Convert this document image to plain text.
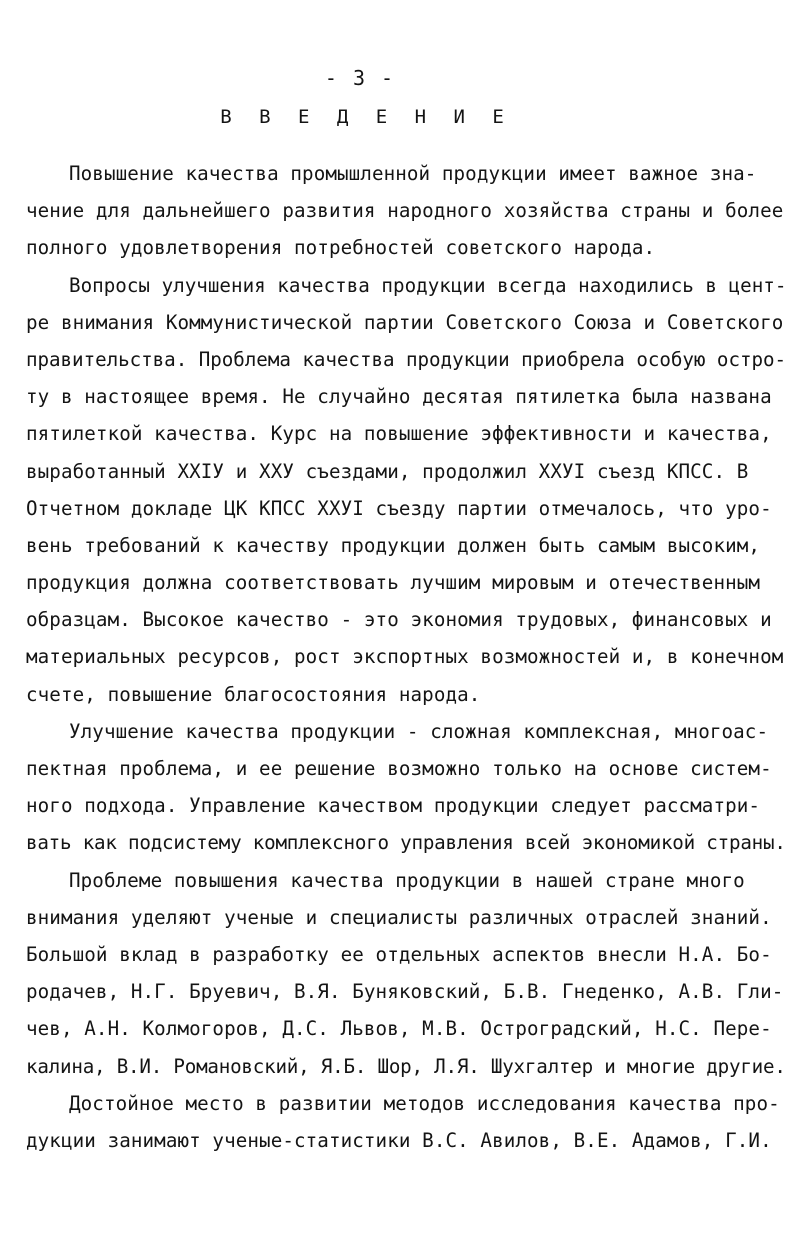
- 3 -
В В Е Д Е Н И Е
Повышение качества промышленной продукции имеет важное зна-
чение для дальнейшего развития народного хозяйства страны и более
полного удовлетворения потребностей советского народа.
Вопросы улучшения качества продукции всегда находились в цент-
ре внимания Коммунистической партии Советского Союза и Советского
правительства. Проблема качества продукции приобрела особую остро-
ту в настоящее время. Не случайно десятая пятилетка была названа
пятилеткой качества. Курс на повышение эффективности и качества,
выработанный XXIУ и XXУ съездами, продолжил XXУI съезд КПСС. В
Отчетном докладе ЦК КПСС XXУI съезду партии отмечалось, что уро-
вень требований к качеству продукции должен быть самым высоким,
продукция должна соответствовать лучшим мировым и отечественным
образцам. Высокое качество - это экономия трудовых, финансовых и
материальных ресурсов, рост экспортных возможностей и, в конечном
счете, повышение благосостояния народа.
Улучшение качества продукции - сложная комплексная, многоас-
пектная проблема, и ее решение возможно только на основе систем-
ного подхода. Управление качеством продукции следует рассматри-
вать как подсистему комплексного управления всей экономикой страны.
Проблеме повышения качества продукции в нашей стране много
внимания уделяют ученые и специалисты различных отраслей знаний.
Большой вклад в разработку ее отдельных аспектов внесли Н.А. Бо-
родачев, Н.Г. Бруевич, В.Я. Буняковский, Б.В. Гнеденко, А.В. Гли-
чев, А.Н. Колмогоров, Д.С. Львов, М.В. Остроградский, Н.С. Пере-
калина, В.И. Романовский, Я.Б. Шор, Л.Я. Шухгалтер и многие другие.
Достойное место в развитии методов исследования качества про-
дукции занимают ученые-статистики В.С. Авилов, В.Е. Адамов, Г.И.
